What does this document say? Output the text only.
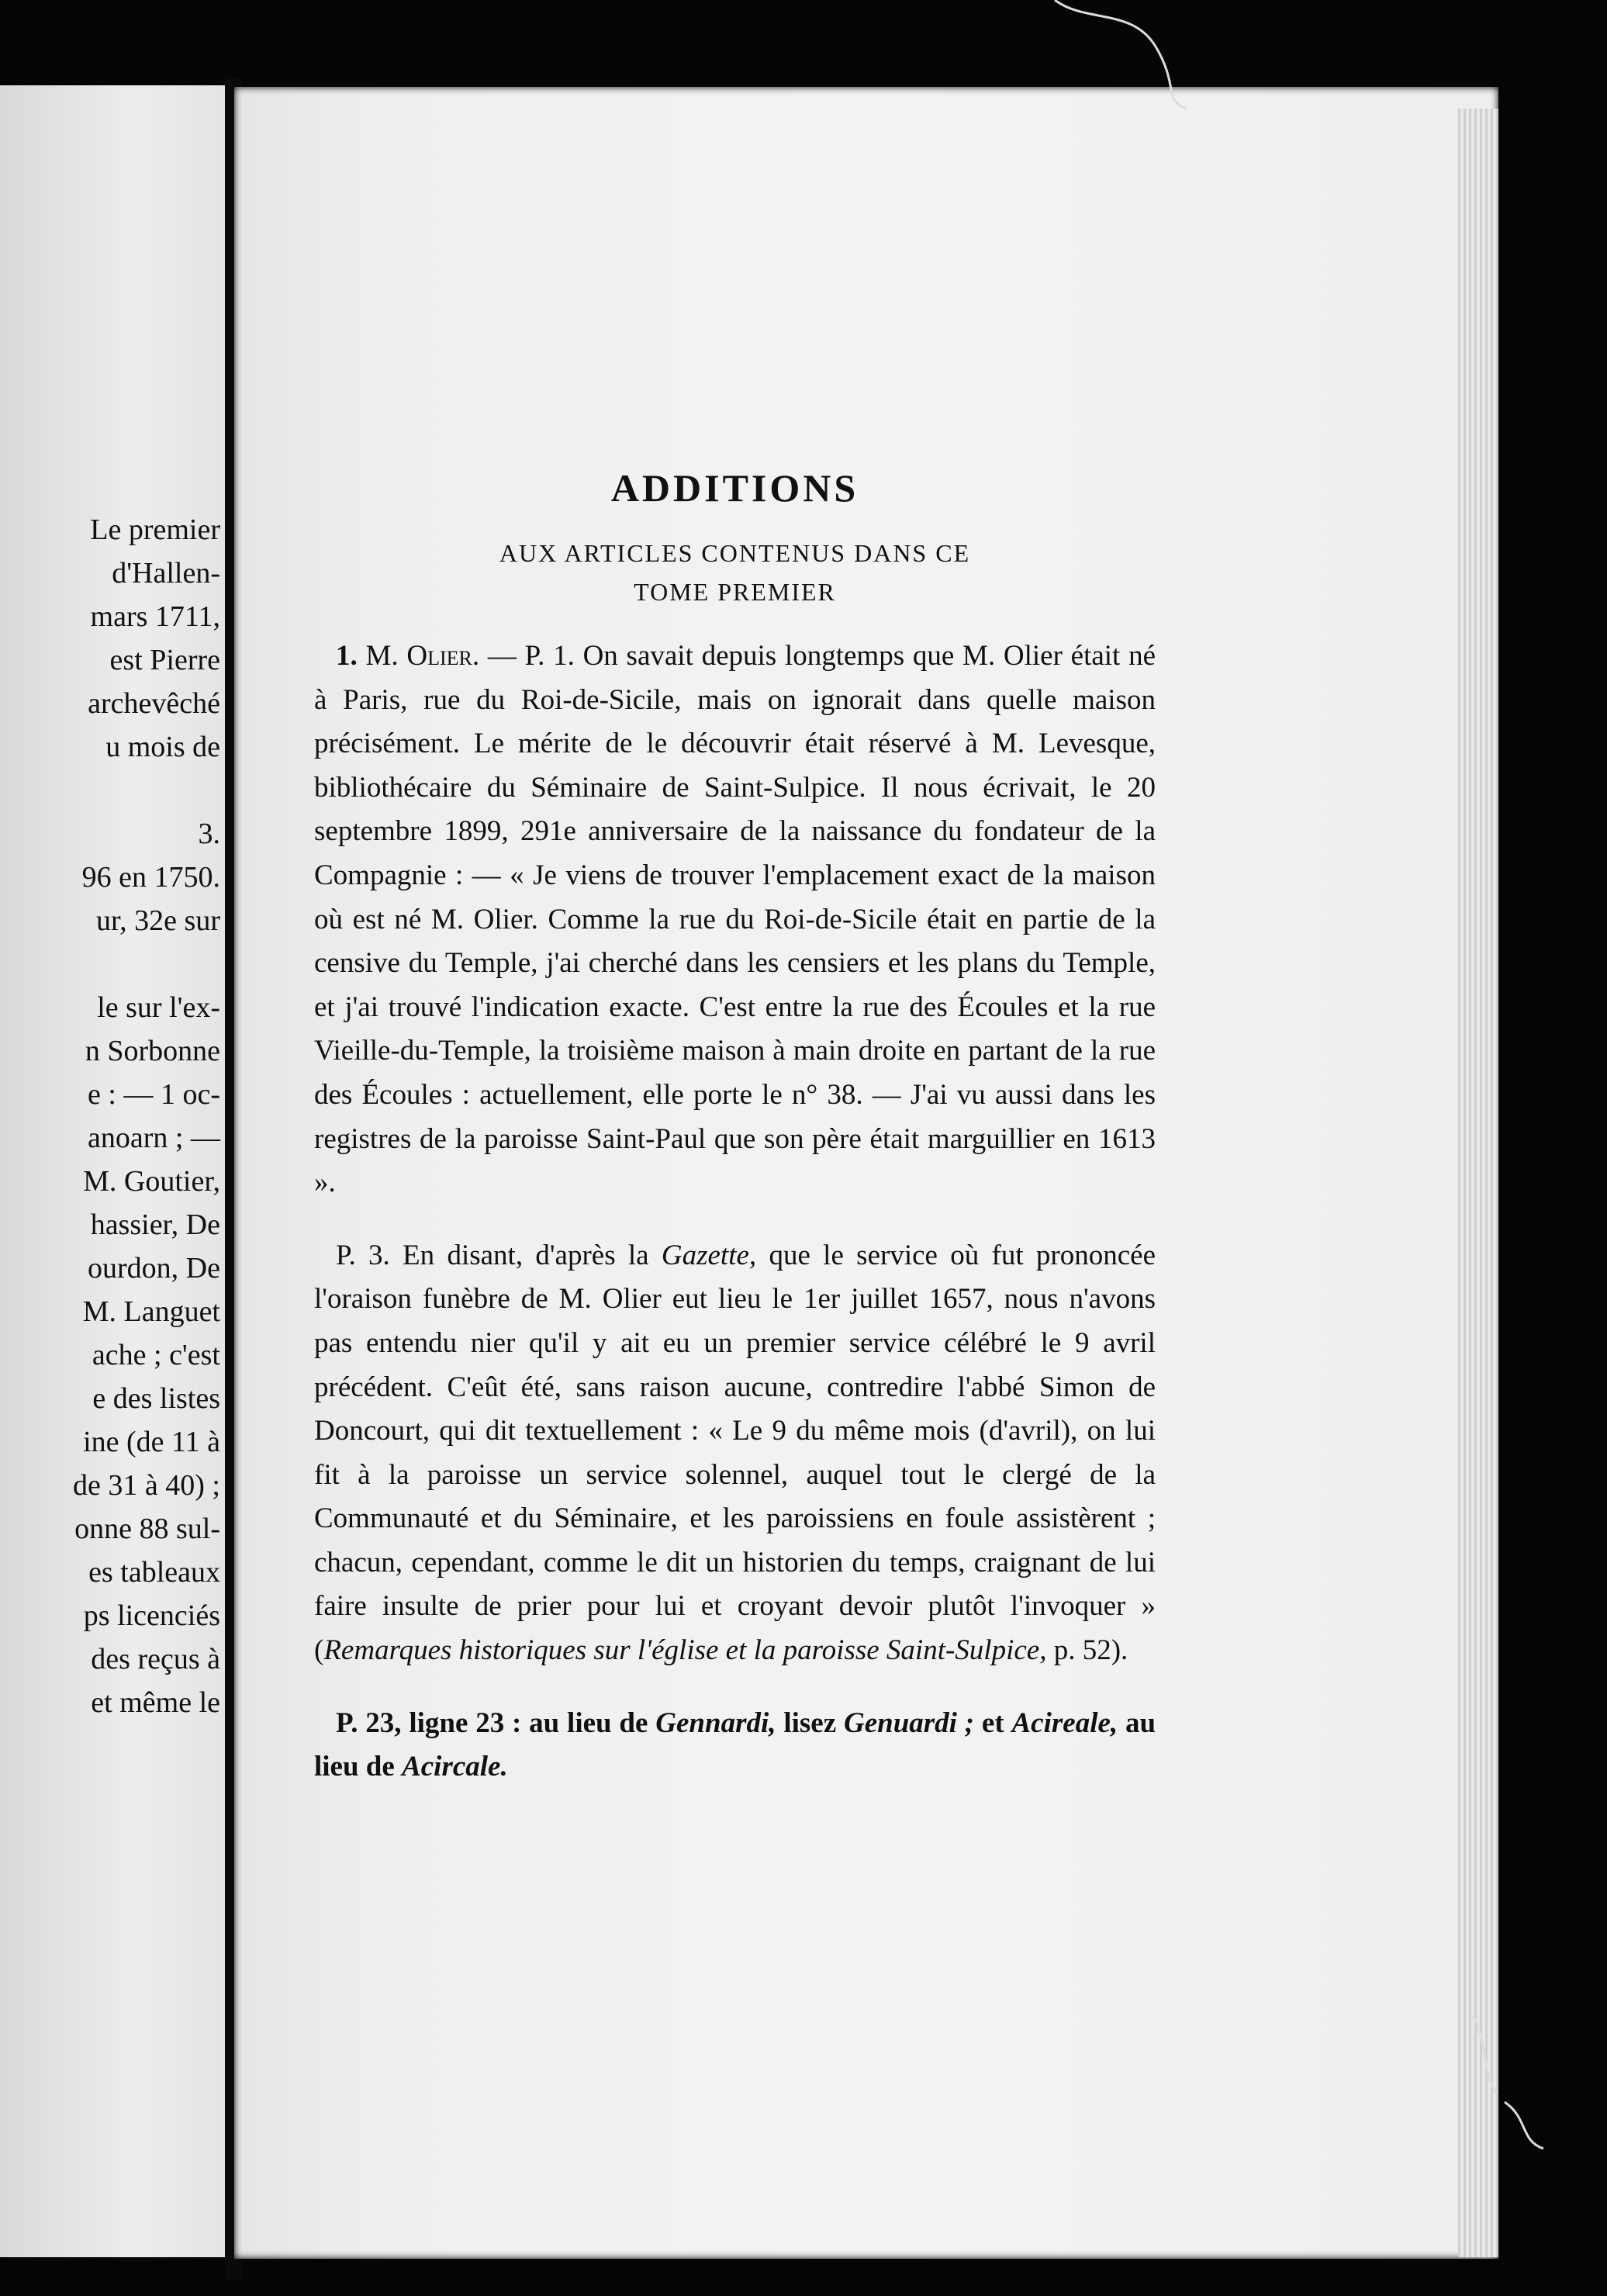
Le premier
d'Hallen-
mars 1711,
est Pierre
archevêché
u mois de
3.
96 en 1750.
ur, 32e sur
le sur l'ex-
n Sorbonne
e : — 1 oc-
anoarn ; —
M. Goutier,
hassier, De
ourdon, De
M. Languet
ache ; c'est
e des listes
ine (de 11 à
de 31 à 40) ;
onne 88 sul-
es tableaux
ps licenciés
des reçus à
et même le
ADDITIONS
AUX ARTICLES CONTENUS DANS CE
TOME PREMIER

1. M. Olier. — P. 1. On savait depuis longtemps que M. Olier était né à Paris, rue du Roi-de-Sicile, mais on ignorait dans quelle maison précisément. Le mérite de le découvrir était réservé à M. Levesque, bibliothécaire du Séminaire de Saint-Sulpice. Il nous écrivait, le 20 septembre 1899, 291e anniversaire de la naissance du fondateur de la Compagnie : — « Je viens de trouver l'emplacement exact de la maison où est né M. Olier. Comme la rue du Roi-de-Sicile était en partie de la censive du Temple, j'ai cherché dans les censiers et les plans du Temple, et j'ai trouvé l'indication exacte. C'est entre la rue des Écoules et la rue Vieille-du-Temple, la troisième maison à main droite en partant de la rue des Écoules : actuellement, elle porte le n° 38. — J'ai vu aussi dans les registres de la paroisse Saint-Paul que son père était marguillier en 1613 ».

P. 3. En disant, d'après la Gazette, que le service où fut prononcée l'oraison funèbre de M. Olier eut lieu le 1er juillet 1657, nous n'avons pas entendu nier qu'il y ait eu un premier service célébré le 9 avril précédent. C'eût été, sans raison aucune, contredire l'abbé Simon de Doncourt, qui dit textuellement : « Le 9 du même mois (d'avril), on lui fit à la paroisse un service solennel, auquel tout le clergé de la Communauté et du Séminaire, et les paroissiens en foule assistèrent ; chacun, cependant, comme le dit un historien du temps, craignant de lui faire insulte de prier pour lui et croyant devoir plutôt l'invoquer » (Remarques historiques sur l'église et la paroisse Saint-Sulpice, p. 52).

P. 23, ligne 23 : au lieu de Gennardi, lisez Genuardi ; et Acireale, au lieu de Acircale.
